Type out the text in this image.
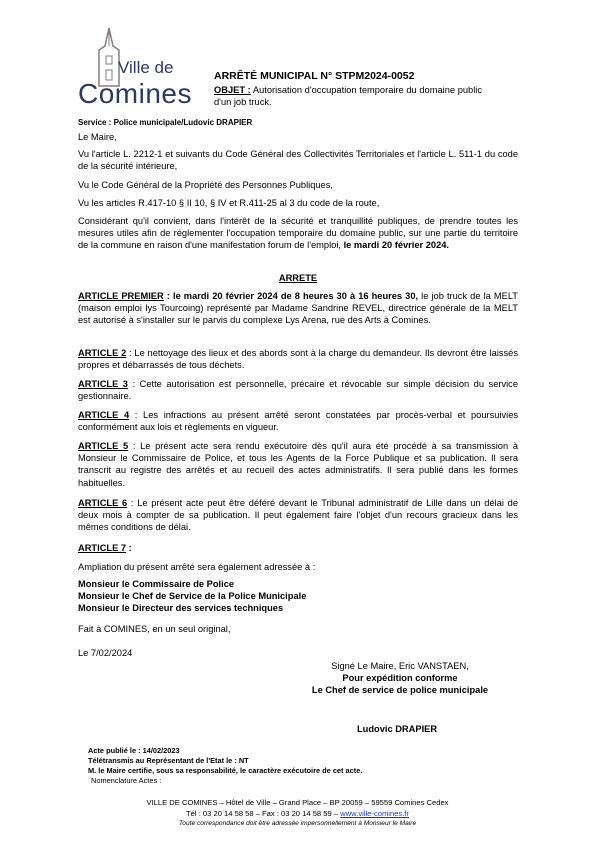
Ville de
Comines
ARRÊTÉ MUNICIPAL N° STPM2024-0052
OBJET : Autorisation d'occupation temporaire du domaine public d'un job truck.
Service : Police municipale/Ludovic DRAPIER
Le Maire,
Vu l'article L. 2212-1 et suivants du Code Général des Collectivités Territoriales et l'article L. 511-1 du code de la sécurité intérieure,
Vu le Code Général de la Propriété des Personnes Publiques,
Vu les articles R.417-10 § II 10, § IV et R.411-25 al 3 du code de la route,
Considérant qu'il convient, dans l'intérêt de la sécurité et tranquillité publiques, de prendre toutes les mesures utiles afin de réglementer l'occupation temporaire du domaine public, sur une partie du territoire de la commune en raison d'une manifestation forum de l'emploi, le mardi 20 février 2024.
ARRETE
ARTICLE PREMIER : le mardi 20 février 2024 de 8 heures 30 à 16 heures 30, le job truck de la MELT (maison emploi lys Tourcoing) représenté par Madame Sandrine REVEL, directrice générale de la MELT est autorisé à s'installer sur le parvis du complexe Lys Arena, rue des Arts à Comines.
ARTICLE 2 : Le nettoyage des lieux et des abords sont à la charge du demandeur. Ils devront être laissés propres et débarrassés de tous déchets.
ARTICLE 3 : Cette autorisation est personnelle, précaire et révocable sur simple décision du service gestionnaire.
ARTICLE 4 : Les infractions au présent arrêté seront constatées par procès-verbal et poursuivies conformément aux lois et règlements en vigueur.
ARTICLE 5 : Le présent acte sera rendu exécutoire dès qu'il aura été procédé à sa transmission à Monsieur le Commissaire de Police, et tous les Agents de la Force Publique et sa publication. Il sera transcrit au registre des arrêtés et au recueil des actes administratifs. Il sera publié dans les formes habituelles.
ARTICLE 6 : Le présent acte peut être déféré devant le Tribunal administratif de Lille dans un délai de deux mois à compter de sa publication. Il peut également faire l'objet d'un recours gracieux dans les mêmes conditions de délai.
ARTICLE 7 :
Ampliation du présent arrêté sera également adressée à :
Monsieur le Commissaire de Police
Monsieur le Chef de Service de la Police Municipale
Monsieur le Directeur des services techniques
Fait à COMINES, en un seul original,
Le 7/02/2024
Signé Le Maire, Eric VANSTAEN,
Pour expédition conforme
Le Chef de service de police municipale
Ludovic DRAPIER
Acte publié le : 14/02/2023
Télétransmis au Représentant de l'Etat le : NT
M. le Maire certifie, sous sa responsabilité, le caractère exécutoire de cet acte.
Nomenclature Actes :
VILLE DE COMINES – Hôtel de Ville – Grand Place – BP 20059 – 59559 Comines Cedex
Tél : 03 20 14 58 58 – Fax : 03 20 14 58 59 – www.ville-comines.fr
Toute correspondance doit être adressée impersonnellement à Monsieur le Maire
